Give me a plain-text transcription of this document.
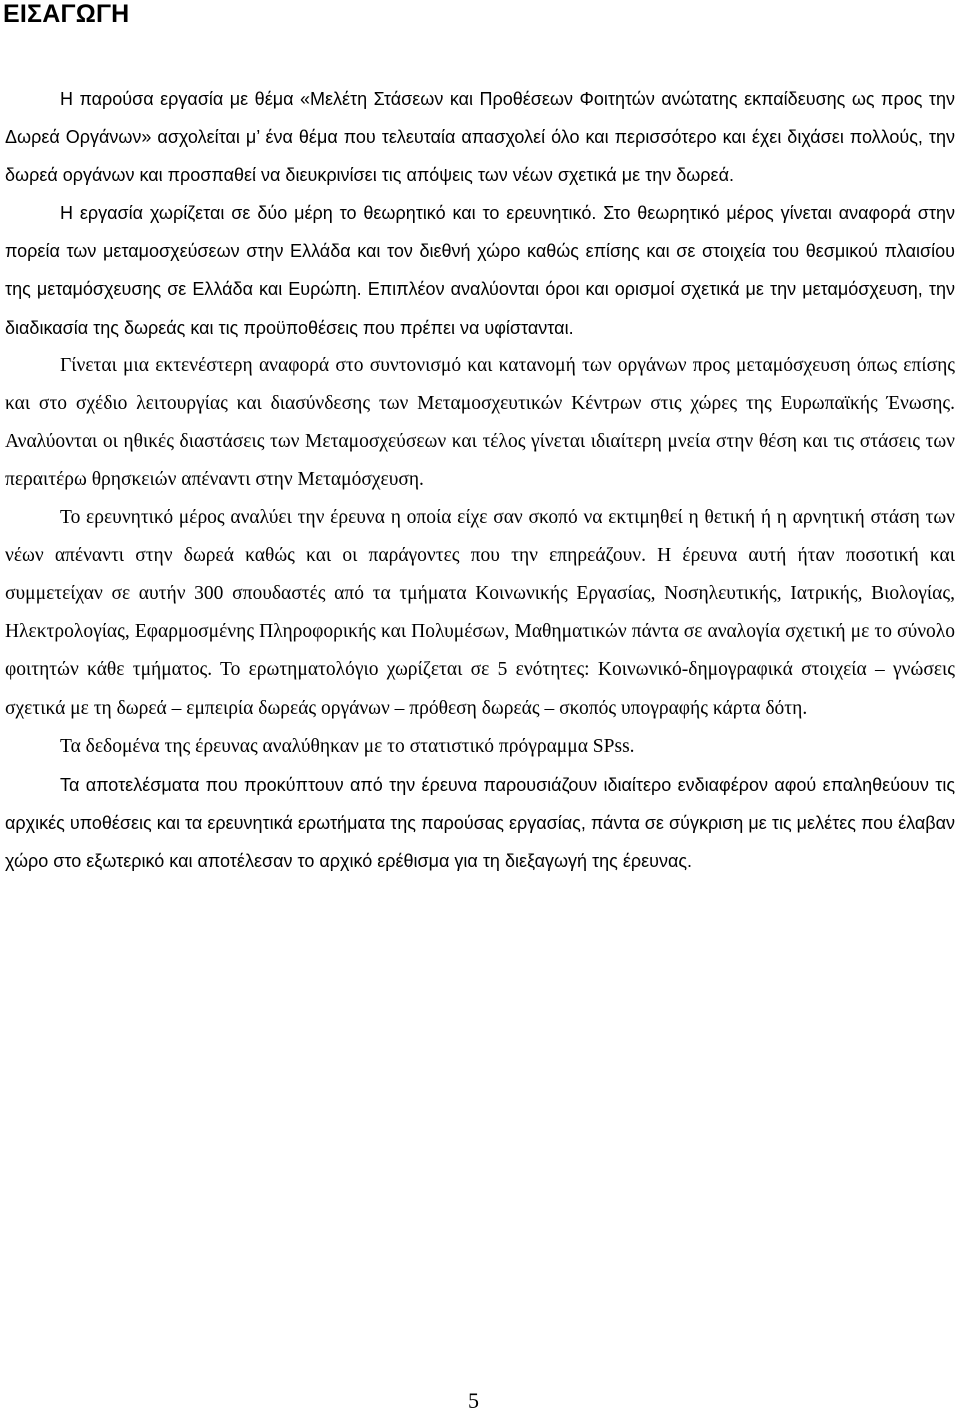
ΕΙΣΑΓΩΓΗ

Η παρούσα εργασία με θέμα «Μελέτη Στάσεων και Προθέσεων Φοιτητών ανώτατης εκπαίδευσης ως προς την Δωρεά Οργάνων» ασχολείται μ’ ένα θέμα που τελευταία απασχολεί όλο και περισσότερο και έχει διχάσει πολλούς, την δωρεά οργάνων και προσπαθεί να διευκρινίσει τις απόψεις των νέων σχετικά με την δωρεά.

Η εργασία χωρίζεται σε δύο μέρη το θεωρητικό και το ερευνητικό. Στο θεωρητικό μέρος γίνεται αναφορά στην πορεία των μεταμοσχεύσεων στην Ελλάδα και τον διεθνή χώρο καθώς επίσης και σε στοιχεία του θεσμικού πλαισίου της μεταμόσχευσης σε Ελλάδα και Ευρώπη. Επιπλέον αναλύονται όροι και ορισμοί σχετικά με την μεταμόσχευση, την διαδικασία της δωρεάς και τις προϋποθέσεις που πρέπει να υφίστανται.

Γίνεται μια εκτενέστερη αναφορά στο συντονισμό και κατανομή των οργάνων προς μεταμόσχευση όπως επίσης και στο σχέδιο λειτουργίας και διασύνδεσης των Μεταμοσχευτικών Κέντρων στις χώρες της Ευρωπαϊκής Ένωσης. Αναλύονται οι ηθικές διαστάσεις των Μεταμοσχεύσεων και τέλος γίνεται ιδιαίτερη μνεία στην θέση και τις στάσεις των περαιτέρω θρησκειών απέναντι στην Μεταμόσχευση.

Το ερευνητικό μέρος αναλύει την έρευνα η οποία είχε σαν σκοπό να εκτιμηθεί η θετική ή η αρνητική στάση των νέων απέναντι στην δωρεά καθώς και οι παράγοντες που την επηρεάζουν. Η έρευνα αυτή ήταν ποσοτική και συμμετείχαν σε αυτήν 300 σπουδαστές από τα τμήματα Κοινωνικής Εργασίας, Νοσηλευτικής, Ιατρικής, Βιολογίας, Ηλεκτρολογίας, Εφαρμοσμένης Πληροφορικής και Πολυμέσων, Μαθηματικών πάντα σε αναλογία σχετική με το σύνολο φοιτητών κάθε τμήματος. Το ερωτηματολόγιο χωρίζεται σε 5 ενότητες: Κοινωνικό-δημογραφικά στοιχεία – γνώσεις σχετικά με τη δωρεά – εμπειρία δωρεάς οργάνων – πρόθεση δωρεάς – σκοπός υπογραφής κάρτα δότη.

Τα δεδομένα της έρευνας αναλύθηκαν με το στατιστικό πρόγραμμα SPss.

Τα αποτελέσματα που προκύπτουν από την έρευνα παρουσιάζουν ιδιαίτερο ενδιαφέρον αφού επαληθεύουν τις αρχικές υποθέσεις και τα ερευνητικά ερωτήματα της παρούσας εργασίας, πάντα σε σύγκριση με τις μελέτες που έλαβαν χώρο στο εξωτερικό και αποτέλεσαν το αρχικό ερέθισμα για τη διεξαγωγή της έρευνας.

5
